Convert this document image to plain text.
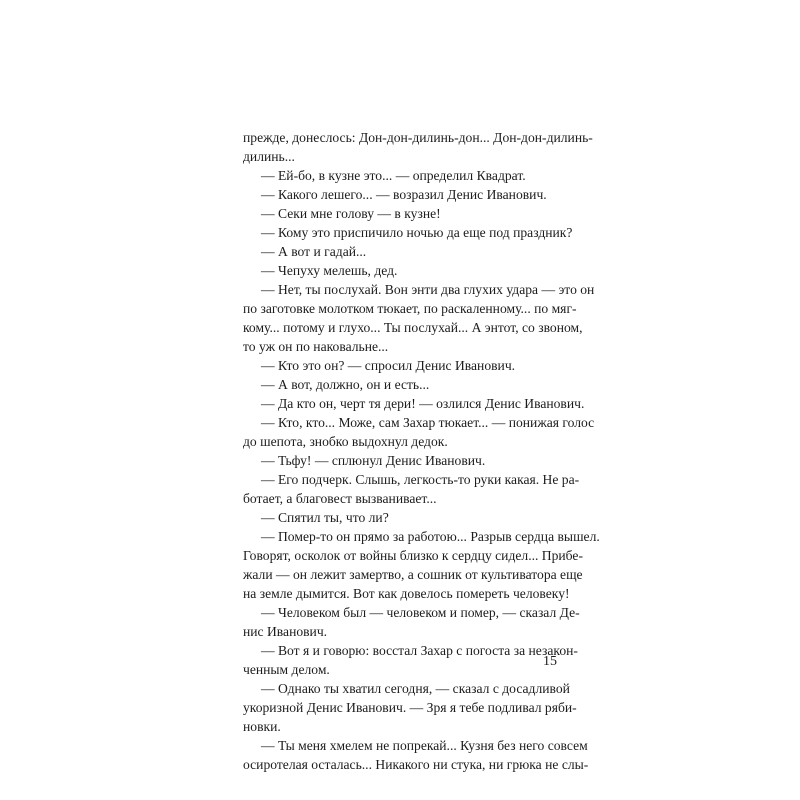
прежде, донеслось: Дон-дон-дилинь-дон... Дон-дон-дилинь-
дилинь...
— Ей-бо, в кузне это... — определил Квадрат.
— Какого лешего... — возразил Денис Иванович.
— Секи мне голову — в кузне!
— Кому это приспичило ночью да еще под праздник?
— А вот и гадай...
— Чепуху мелешь, дед.
— Нет, ты послухай. Вон энти два глухих удара — это он
по заготовке молотком тюкает, по раскаленному... по мяг-
кому... потому и глухо... Ты послухай... А энтот, со звоном,
то уж он по наковальне...
— Кто это он? — спросил Денис Иванович.
— А вот, должно, он и есть...
— Да кто он, черт тя дери! — озлился Денис Иванович.
— Кто, кто... Може, сам Захар тюкает... — понижая голос
до шепота, знобко выдохнул дедок.
— Тьфу! — сплюнул Денис Иванович.
— Его подчерк. Слышь, легкость-то руки какая. Не ра-
ботает, а благовест вызванивает...
— Спятил ты, что ли?
— Помер-то он прямо за работою... Разрыв сердца вышел.
Говорят, осколок от войны близко к сердцу сидел... Прибе-
жали — он лежит замертво, а сошник от культиватора еще
на земле дымится. Вот как довелось помереть человеку!
— Человеком был — человеком и помер, — сказал Де-
нис Иванович.
— Вот я и говорю: восстал Захар с погоста за незакон-
ченным делом.
— Однако ты хватил сегодня, — сказал с досадливой
укоризной Денис Иванович. — Зря я тебе подливал ряби-
новки.
— Ты меня хмелем не попрекай... Кузня без него совсем
осиротелая осталась... Никакого ни стука, ни грюка не слы-
15
